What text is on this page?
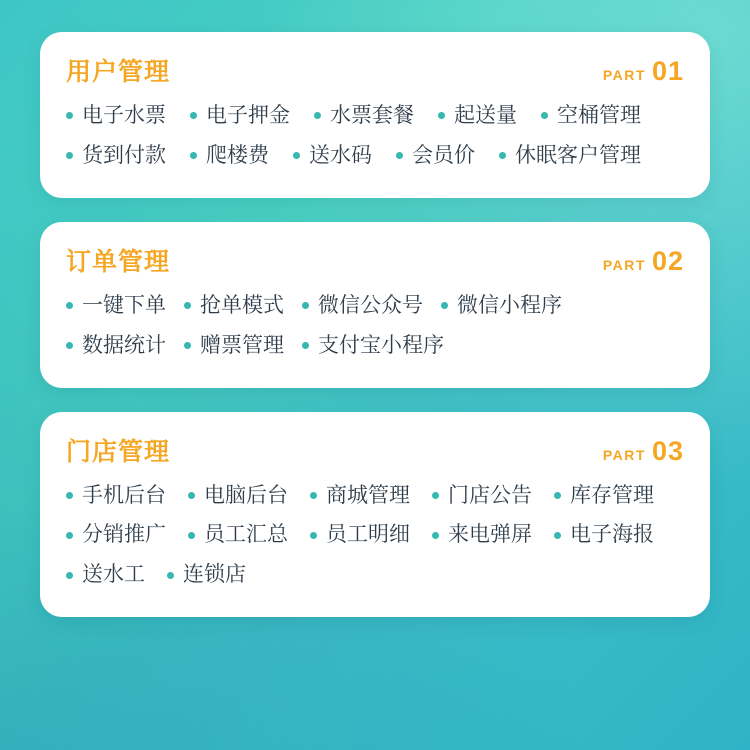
用户管理	PART 01
电子水票 电子押金 水票套餐 起送量 空桶管理
货到付款 爬楼费 送水码 会员价 休眠客户管理
订单管理	PART 02
一键下单 抢单模式 微信公众号 微信小程序
数据统计 赠票管理 支付宝小程序
门店管理	PART 03
手机后台 电脑后台 商城管理 门店公告 库存管理
分销推广 员工汇总 员工明细 来电弹屏 电子海报
送水工 连锁店
